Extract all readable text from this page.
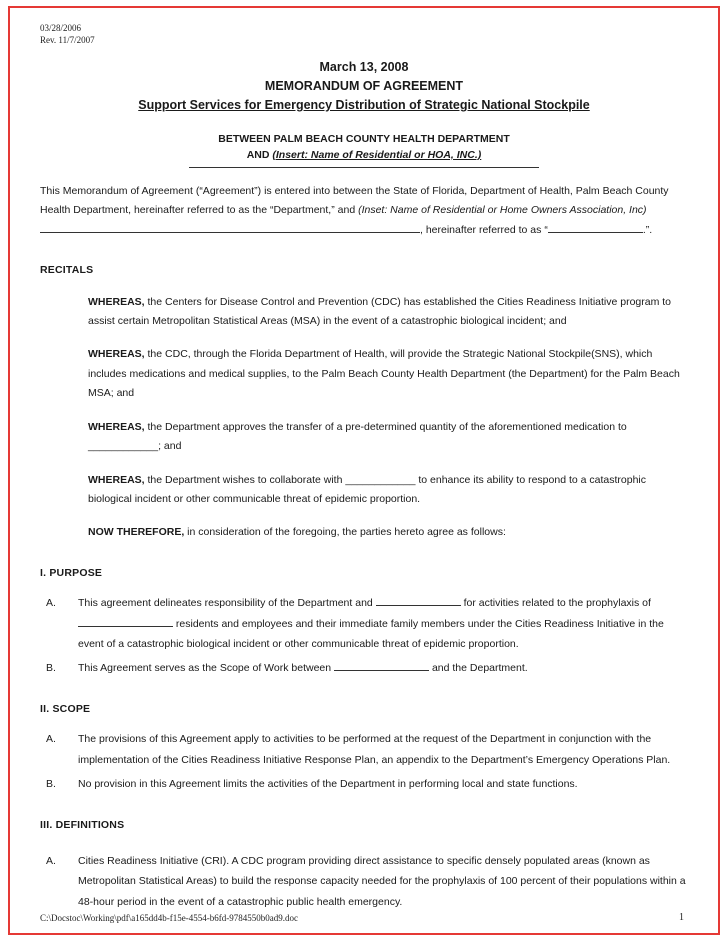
03/28/2006
Rev. 11/7/2007
March 13, 2008
MEMORANDUM OF AGREEMENT
Support Services for Emergency Distribution of Strategic National Stockpile
BETWEEN PALM BEACH COUNTY HEALTH DEPARTMENT
AND (Insert: Name of Residential or HOA, INC.)

This Memorandum of Agreement (“Agreement”) is entered into between the State of Florida, Department of Health, Palm Beach County Health Department, hereinafter referred to as the “Department,” and (Inset: Name of Residential or Home Owners Association, Inc), hereinafter referred to as “	.”.

RECITALS

WHEREAS, the Centers for Disease Control and Prevention (CDC) has established the Cities Readiness Initiative program to assist certain Metropolitan Statistical Areas (MSA) in the event of a catastrophic biological incident; and

WHEREAS, the CDC, through the Florida Department of Health, will provide the Strategic National Stockpile(SNS), which includes medications and medical supplies, to the Palm Beach County Health Department (the Department) for the Palm Beach MSA; and

WHEREAS, the Department approves the transfer of a pre-determined quantity of the aforementioned medication to ____________; and

WHEREAS, the Department wishes to collaborate with ____________ to enhance its ability to respond to a catastrophic biological incident or other communicable threat of epidemic proportion.

NOW THEREFORE, in consideration of the foregoing, the parties hereto agree as follows:

I. PURPOSE
A. This agreement delineates responsibility of the Department and	for activities related to the prophylaxis of  residents and employees and their immediate family members under the Cities Readiness Initiative in the event of a catastrophic biological incident or other communicable threat of epidemic proportion.
B. This Agreement serves as the Scope of Work between	and the Department.
II. SCOPE
A. The provisions of this Agreement apply to activities to be performed at the request of the Department in conjunction with the implementation of the Cities Readiness Initiative Response Plan, an appendix to the Department’s Emergency Operations Plan.
B. No provision in this Agreement limits the activities of the Department in performing local and state functions.
III. DEFINITIONS
A. Cities Readiness Initiative (CRI). A CDC program providing direct assistance to specific densely populated areas (known as Metropolitan Statistical Areas) to build the response capacity needed for the prophylaxis of 100 percent of their populations within a 48-hour period in the event of a catastrophic public health emergency.
C:\Docstoc\Working\pdf\a165dd4b-f15e-4554-b6fd-9784550b0ad9.doc	1
